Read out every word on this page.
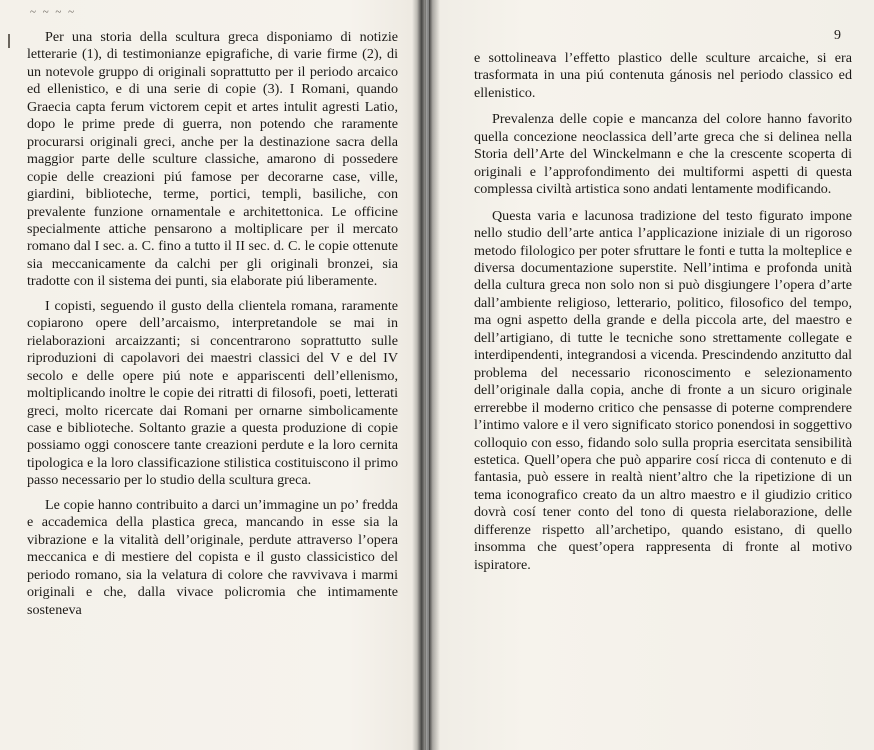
~ ~ ~ ~
9

Per una storia della scultura greca disponiamo di notizie letterarie (1), di testimonianze epigrafiche, di varie firme (2), di un notevole gruppo di originali soprattutto per il periodo arcaico ed ellenistico, e di una serie di copie (3). I Romani, quando Graecia capta ferum victorem cepit et artes intulit agresti Latio, dopo le prime prede di guerra, non potendo che raramente procurarsi originali greci, anche per la destinazione sacra della maggior parte delle sculture classiche, amarono di possedere copie delle creazioni piú famose per decorarne case, ville, giardini, biblioteche, terme, portici, templi, basiliche, con prevalente funzione ornamentale e architettonica. Le officine specialmente attiche pensarono a moltiplicare per il mercato romano dal I sec. a. C. fino a tutto il II sec. d. C. le copie ottenute sia meccanicamente da calchi per gli originali bronzei, sia tradotte con il sistema dei punti, sia elaborate piú liberamente.

I copisti, seguendo il gusto della clientela romana, raramente copiarono opere dell’arcaismo, interpretandole se mai in rielaborazioni arcaizzanti; si concentrarono soprattutto sulle riproduzioni di capolavori dei maestri classici del V e del IV secolo e delle opere piú note e appariscenti dell’ellenismo, moltiplicando inoltre le copie dei ritratti di filosofi, poeti, letterati greci, molto ricercate dai Romani per ornarne simbolicamente case e biblioteche. Soltanto grazie a questa produzione di copie possiamo oggi conoscere tante creazioni perdute e la loro cernita tipologica e la loro classificazione stilistica costituiscono il primo passo necessario per lo studio della scultura greca.

Le copie hanno contribuito a darci un’immagine un po’ fredda e accademica della plastica greca, mancando in esse sia la vibrazione e la vitalità dell’originale, perdute attraverso l’opera meccanica e di mestiere del copista e il gusto classicistico del periodo romano, sia la velatura di colore che ravvivava i marmi originali e che, dalla vivace policromia che intimamente sosteneva

e sottolineava l’effetto plastico delle sculture arcaiche, si era trasformata in una piú contenuta gánosis nel periodo classico ed ellenistico.

Prevalenza delle copie e mancanza del colore hanno favorito quella concezione neoclassica dell’arte greca che si delinea nella Storia dell’Arte del Winckelmann e che la crescente scoperta di originali e l’approfondimento dei multiformi aspetti di questa complessa civiltà artistica sono andati lentamente modificando.

Questa varia e lacunosa tradizione del testo figurato impone nello studio dell’arte antica l’applicazione iniziale di un rigoroso metodo filologico per poter sfruttare le fonti e tutta la molteplice e diversa documentazione superstite. Nell’intima e profonda unità della cultura greca non solo non si può disgiungere l’opera d’arte dall’ambiente religioso, letterario, politico, filosofico del tempo, ma ogni aspetto della grande e della piccola arte, del maestro e dell’artigiano, di tutte le tecniche sono strettamente collegate e interdipendenti, integrandosi a vicenda. Prescindendo anzitutto dal problema del necessario riconoscimento e selezionamento dell’originale dalla copia, anche di fronte a un sicuro originale errerebbe il moderno critico che pensasse di poterne comprendere l’intimo valore e il vero significato storico ponendosi in soggettivo colloquio con esso, fidando solo sulla propria esercitata sensibilità estetica. Quell’opera che può apparire cosí ricca di contenuto e di fantasia, può essere in realtà nient’altro che la ripetizione di un tema iconografico creato da un altro maestro e il giudizio critico dovrà cosí tener conto del tono di questa rielaborazione, delle differenze rispetto all’archetipo, quando esistano, di quello insomma che quest’opera rappresenta di fronte al motivo ispiratore.
